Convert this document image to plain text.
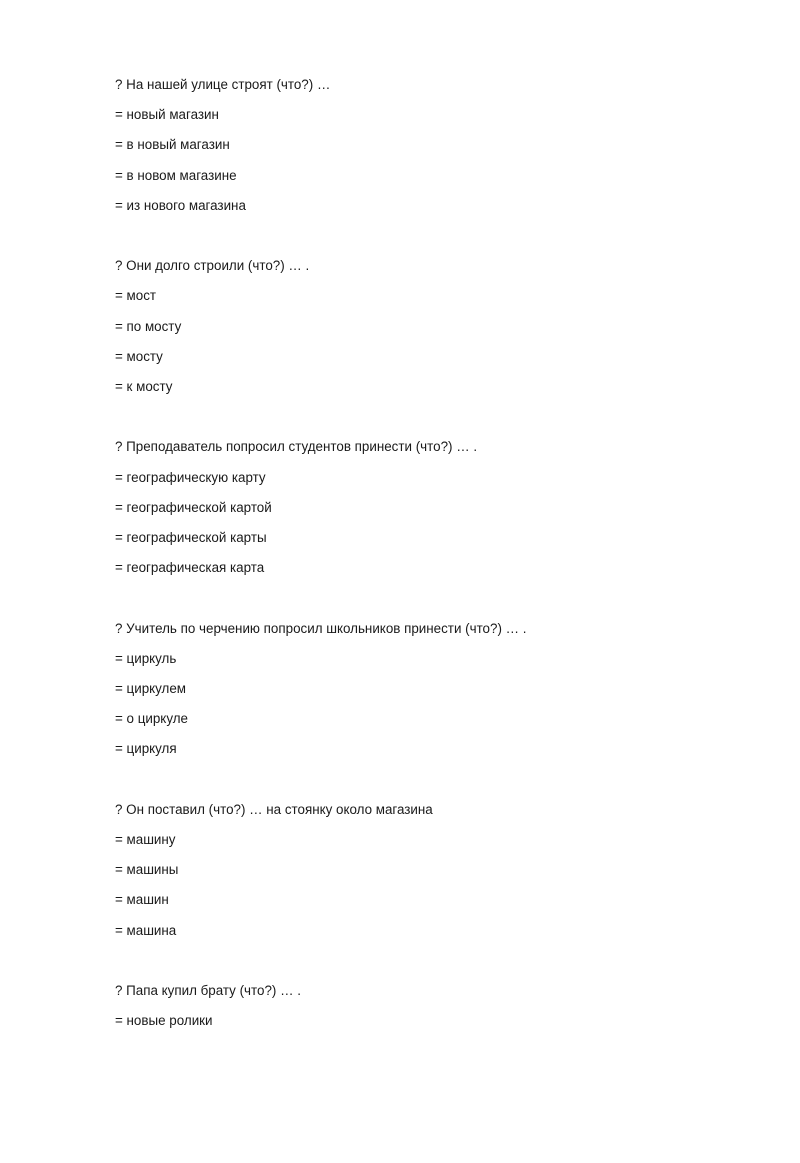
? На нашей улице строят (что?) …
= новый магазин
= в новый магазин
= в новом магазине
= из нового магазина
? Они долго строили (что?) … .
= мост
= по мосту
= мосту
= к мосту
? Преподаватель попросил студентов принести (что?) … .
= географическую карту
= географической картой
= географической карты
= географическая карта
? Учитель по черчению попросил школьников принести (что?) … .
= циркуль
= циркулем
= о циркуле
= циркуля
? Он поставил (что?) … на стоянку около магазина
= машину
= машины
= машин
= машина
? Папа купил брату (что?) … .
= новые ролики
